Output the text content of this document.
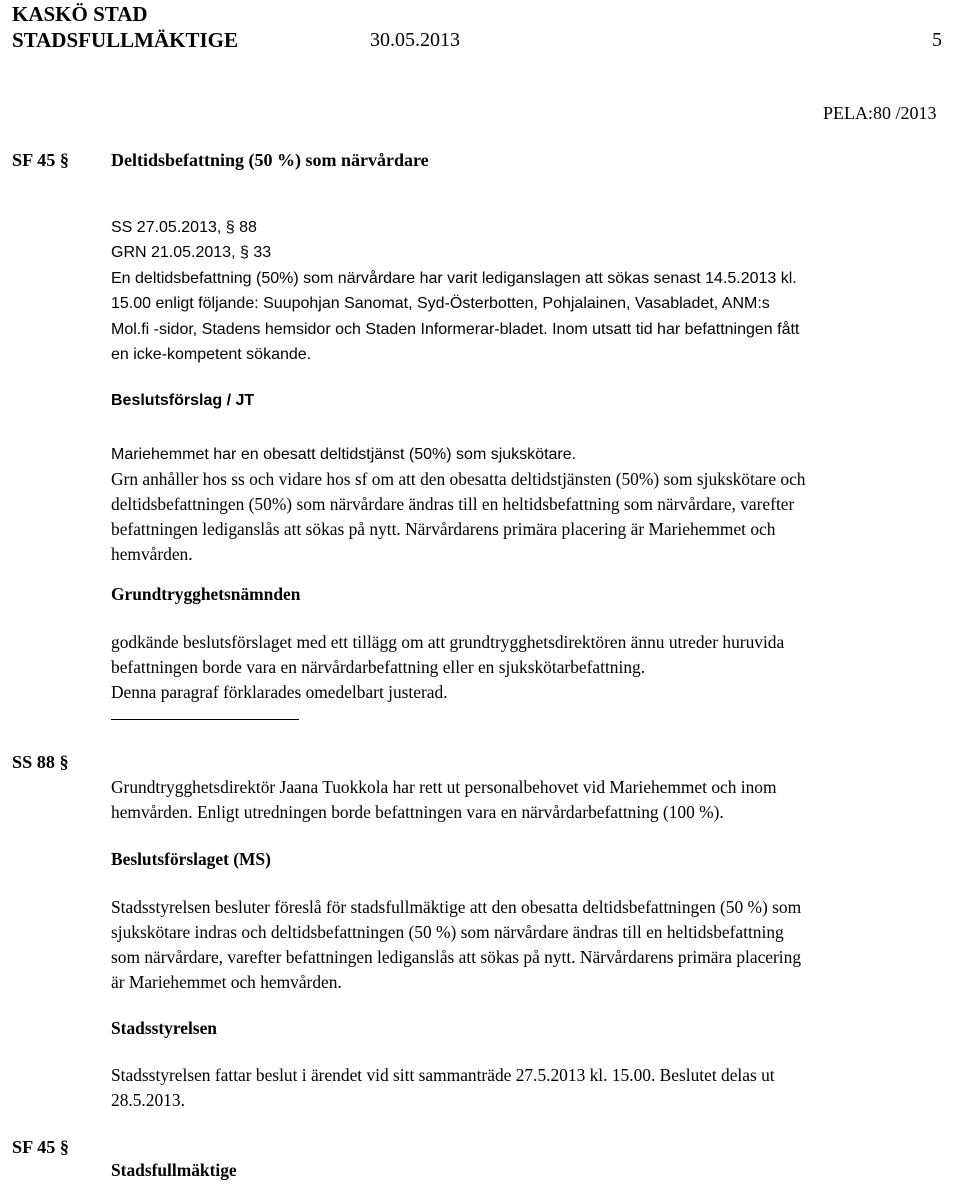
KASKÖ STAD
STADSFULLMÄKTIGE	30.05.2013	5
PELA:80 /2013
SF 45 § Deltidsbefattning (50 %) som närvårdare
SS 27.05.2013, § 88
GRN 21.05.2013, § 33
En deltidsbefattning (50%) som närvårdare har varit lediganslagen att sökas senast 14.5.2013 kl.
15.00 enligt följande: Suupohjan Sanomat, Syd-Österbotten, Pohjalainen, Vasabladet, ANM:s
Mol.fi -sidor, Stadens hemsidor och Staden Informerar-bladet. Inom utsatt tid har befattningen fått
en icke-kompetent sökande.
Beslutsförslag / JT
Mariehemmet har en obesatt deltidstjänst (50%) som sjukskötare.
Grn anhåller hos ss och vidare hos sf om att den obesatta deltidstjänsten (50%) som sjukskötare och
deltidsbefattningen (50%) som närvårdare ändras till en heltidsbefattning som närvårdare, varefter
befattningen lediganslås att sökas på nytt. Närvårdarens primära placering är Mariehemmet och
hemvården.
Grundtrygghetsnämnden
godkände beslutsförslaget med ett tillägg om att grundtrygghetsdirektören ännu utreder huruvida
befattningen borde vara en närvårdarbefattning eller en sjukskötarbefattning.
Denna paragraf förklarades omedelbart justerad.
SS 88 §
Grundtrygghetsdirektör Jaana Tuokkola har rett ut personalbehovet vid Mariehemmet och inom
hemvården. Enligt utredningen borde befattningen vara en närvårdarbefattning (100 %).
Beslutsförslaget (MS)
Stadsstyrelsen besluter föreslå för stadsfullmäktige att den obesatta deltidsbefattningen (50 %) som
sjukskötare indras och deltidsbefattningen (50 %) som närvårdare ändras till en heltidsbefattning
som närvårdare, varefter befattningen lediganslås att sökas på nytt. Närvårdarens primära placering
är Mariehemmet och hemvården.
Stadsstyrelsen
Stadsstyrelsen fattar beslut i ärendet vid sitt sammanträde 27.5.2013 kl. 15.00. Beslutet delas ut
28.5.2013.
SF 45 §
Stadsfullmäktige
